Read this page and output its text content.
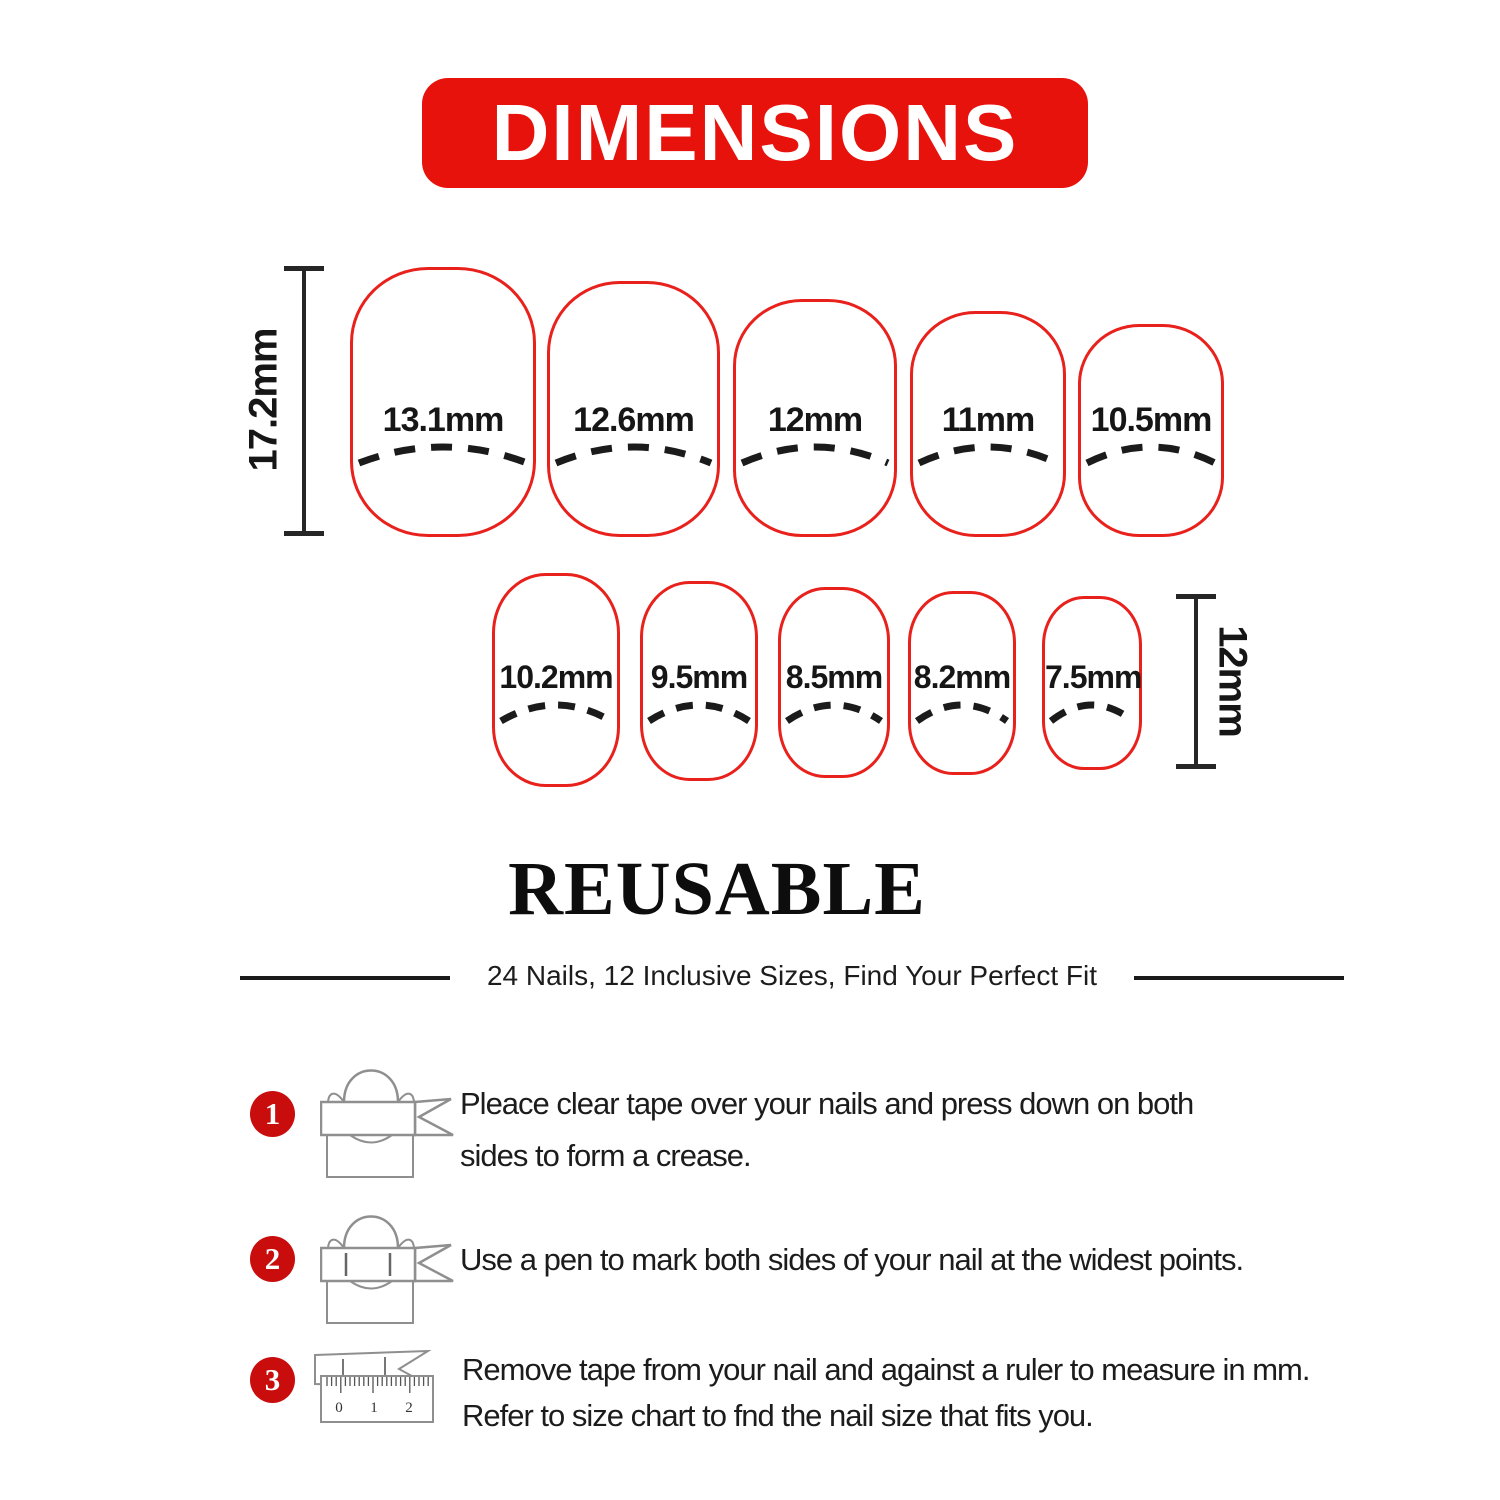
DIMENSIONS
13.1mm	12.6mm	12mm	11mm	10.5mm
17.2mm
10.2mm 9.5mm 8.5mm 8.2mm 7.5mm 12mm
REUSABLE
24 Nails, 12 Inclusive Sizes, Find Your Perfect Fit
1	Pleace clear tape over your nails and press down on both
sides to form a crease.
2	Use a pen to mark both sides of your nail at the widest points.
3
0 1 2
Remove tape from your nail and against a ruler to measure in mm.
Refer to size chart to fnd the nail size that fits you.
